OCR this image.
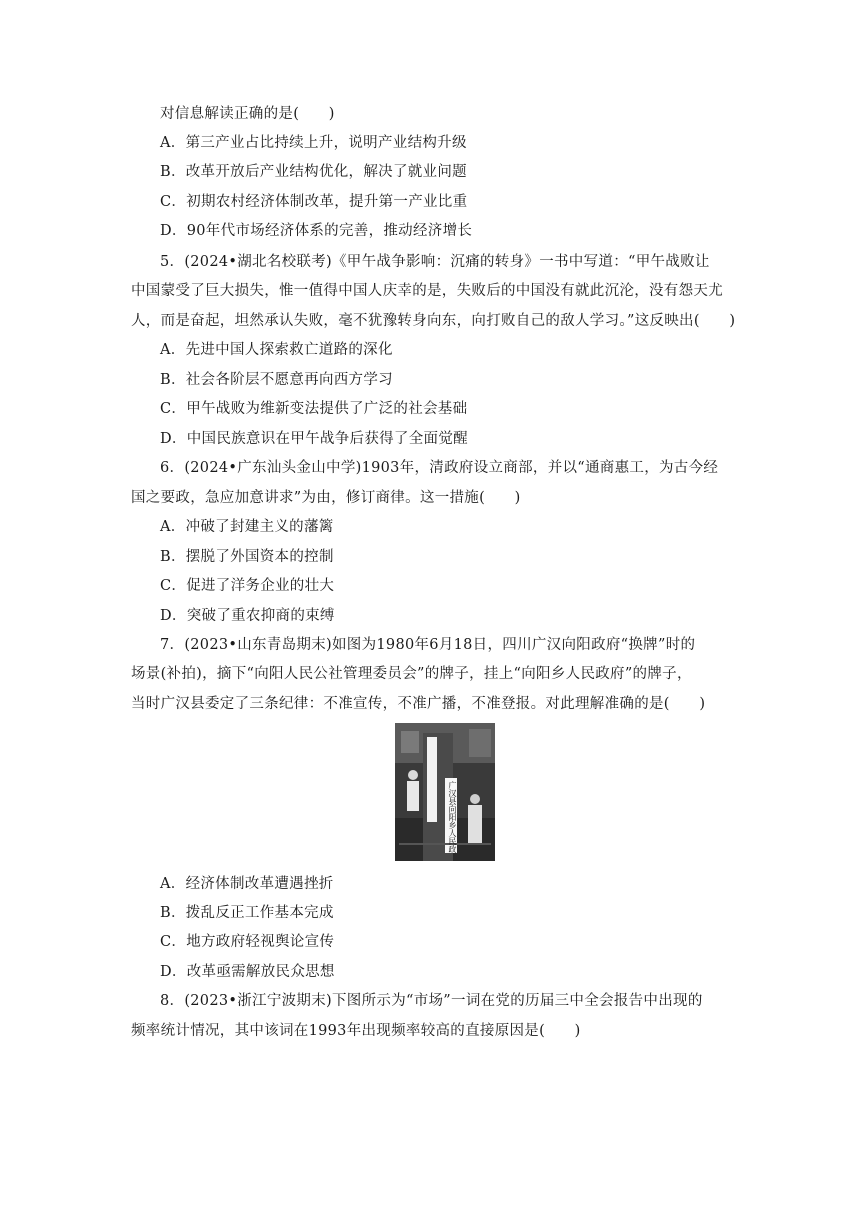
对信息解读正确的是(　　)
A．第三产业占比持续上升，说明产业结构升级
B．改革开放后产业结构优化，解决了就业问题
C．初期农村经济体制改革，提升第一产业比重
D．90年代市场经济体系的完善，推动经济增长
5．(2024•湖北名校联考)《甲午战争影响：沉痛的转身》一书中写道：“甲午战败让
中国蒙受了巨大损失，惟一值得中国人庆幸的是，失败后的中国没有就此沉沦，没有怨天尤
人，而是奋起，坦然承认失败，毫不犹豫转身向东，向打败自己的敌人学习。”这反映出(　　)
A．先进中国人探索救亡道路的深化
B．社会各阶层不愿意再向西方学习
C．甲午战败为维新变法提供了广泛的社会基础
D．中国民族意识在甲午战争后获得了全面觉醒
6．(2024•广东汕头金山中学)1903年，清政府设立商部，并以“通商惠工，为古今经
国之要政，急应加意讲求”为由，修订商律。这一措施(　　)
A．冲破了封建主义的藩篱
B．摆脱了外国资本的控制
C．促进了洋务企业的壮大
D．突破了重农抑商的束缚
7．(2023•山东青岛期末)如图为1980年6月18日，四川广汉向阳政府“换牌”时的
场景(补拍)，摘下“向阳人民公社管理委员会”的牌子，挂上“向阳乡人民政府”的牌子，
当时广汉县委定了三条纪律：不准宣传，不准广播，不准登报。对此理解准确的是(　　)
广汉县向阳乡人民政
A．经济体制改革遭遇挫折
B．拨乱反正工作基本完成
C．地方政府轻视舆论宣传
D．改革亟需解放民众思想
8．(2023•浙江宁波期末)下图所示为“市场”一词在党的历届三中全会报告中出现的
频率统计情况，其中该词在1993年出现频率较高的直接原因是(　　)
